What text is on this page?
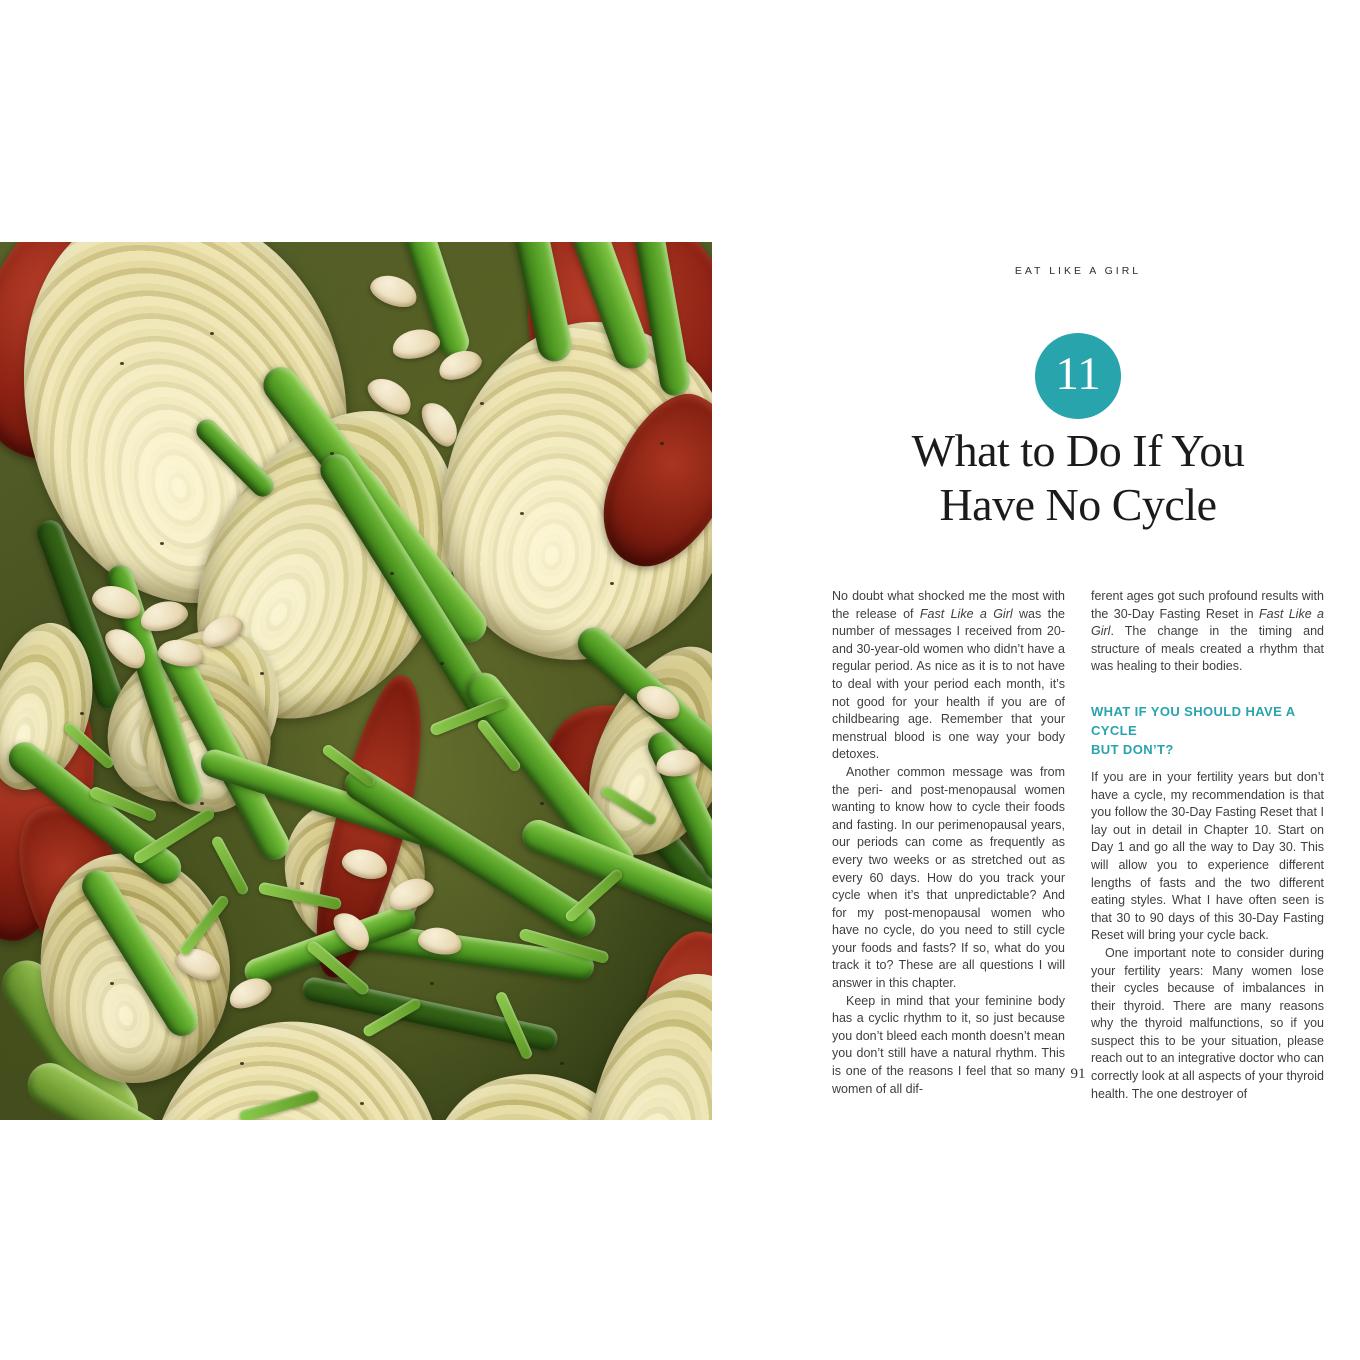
EAT LIKE A GIRL
11
What to Do If You
Have No Cycle

No doubt what shocked me the most with the release of Fast Like a Girl was the number of messages I received from 20- and 30-year-old women who didn’t have a regular period. As nice as it is to not have to deal with your period each month, it’s not good for your health if you are of childbearing age. Remember that your menstrual blood is one way your body detoxes.

Another common message was from the peri- and post-menopausal women wanting to know how to cycle their foods and fasting. In our perimenopausal years, our periods can come as frequently as every two weeks or as stretched out as every 60 days. How do you track your cycle when it’s that unpredictable? And for my post-menopausal women who have no cycle, do you need to still cycle your foods and fasts? If so, what do you track it to? These are all questions I will answer in this chapter.

Keep in mind that your feminine body has a cyclic rhythm to it, so just because you don’t bleed each month doesn’t mean you don’t still have a natural rhythm. This is one of the reasons I feel that so many women of all dif-

ferent ages got such profound results with the 30-Day Fasting Reset in Fast Like a Girl. The change in the timing and structure of meals created a rhythm that was healing to their bodies.

WHAT IF YOU SHOULD HAVE A CYCLE
BUT DON’T?

If you are in your fertility years but don’t have a cycle, my recommendation is that you follow the 30-Day Fasting Reset that I lay out in detail in Chapter 10. Start on Day 1 and go all the way to Day 30. This will allow you to experience different lengths of fasts and the two different eating styles. What I have often seen is that 30 to 90 days of this 30-Day Fasting Reset will bring your cycle back.

One important note to consider during your fertility years: Many women lose their cycles because of imbalances in their thyroid. There are many reasons why the thyroid malfunctions, so if you suspect this to be your situation, please reach out to an integrative doctor who can correctly look at all aspects of your thyroid health. The one destroyer of

91
